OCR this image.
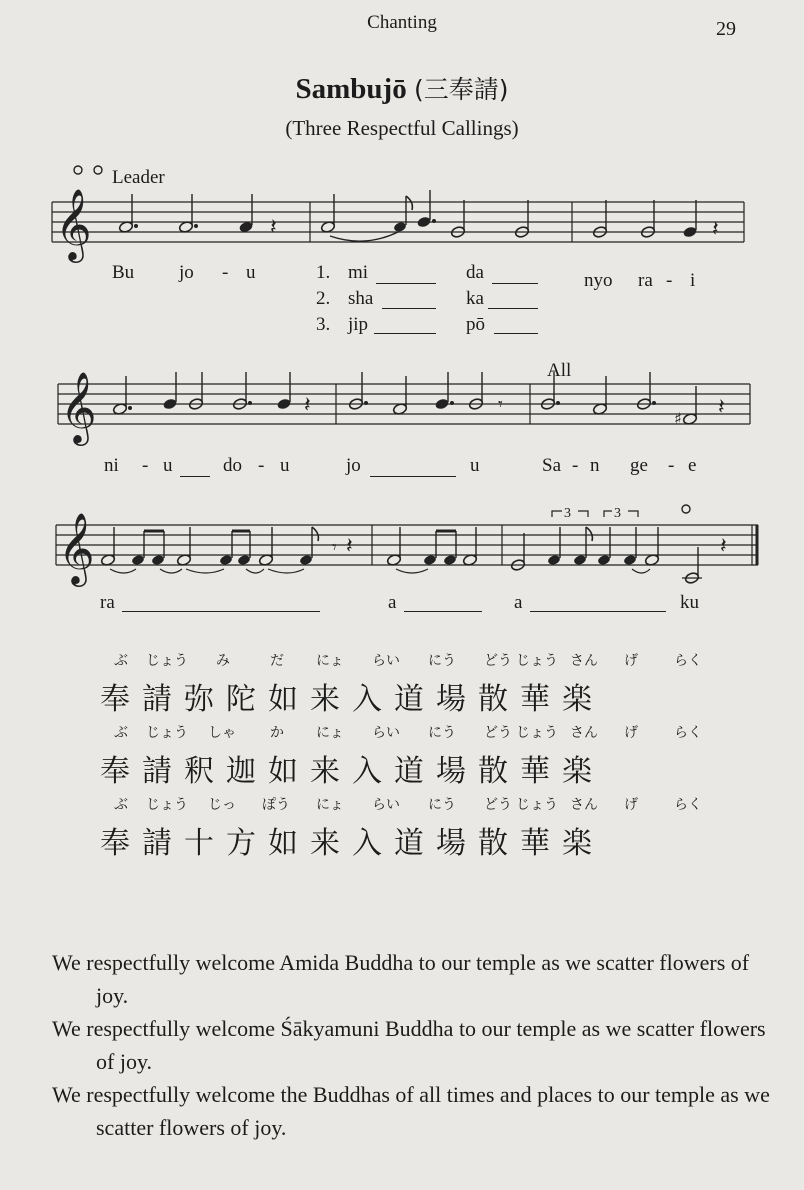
Chanting	29
Sambujō (三奉請)
(Three Respectful Callings)
𝄞	𝄽	𝄽
Leader
Bu jo - u	1. mi	da
2. sha	ka
3. jip	pō
nyo ra - i
All
𝄞	♯
𝄽	𝄾	𝄽
ni - u	do - u	jo	u	Sa - n ge - e
𝄞	3	3
𝄾 𝄽	𝄽
ra	a	a	ku
ぶ じょう み	だ にょ らい にう どう じょう さん げ	らく
奉請弥陀如来入道場散華楽
ぶ じょう しゃ か にょ らい にう どう じょう さん げ	らく
奉請釈迦如来入道場散華楽
ぶ じょう じっ ぽう にょ らい にう どう じょう さん げ	らく
奉請十方如来入道場散華楽

We respectfully welcome Amida Buddha to our temple as we scatter flowers of joy.

We respectfully welcome Śākyamuni Buddha to our temple as we scatter flowers of joy.

We respectfully welcome the Buddhas of all times and places to our temple as we scatter flowers of joy.
